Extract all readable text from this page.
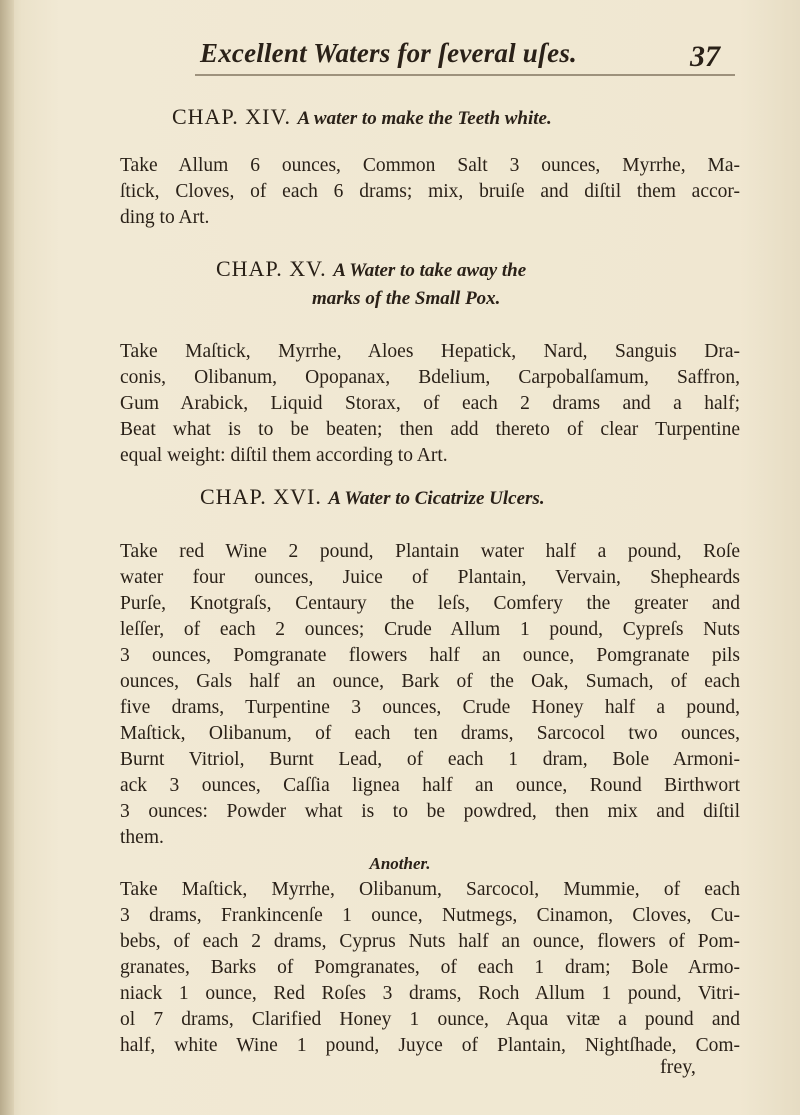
Excellent Waters for ſeveral uſes.	37
CHAP. XIV. A water to make the Teeth white.
Take Allum 6 ounces, Common Salt 3 ounces, Myrrhe, Ma-
ſtick, Cloves, of each 6 drams; mix, bruiſe and diſtil them accor-
ding to Art.
CHAP. XV. A Water to take away the
marks of the Small Pox.
Take Maſtick, Myrrhe, Aloes Hepatick, Nard, Sanguis Dra-
conis, Olibanum, Opopanax, Bdelium, Carpobalſamum, Saffron,
Gum Arabick, Liquid Storax, of each 2 drams and a half;
Beat what is to be beaten; then add thereto of clear Turpentine
equal weight: diſtil them according to Art.
CHAP. XVI. A Water to Cicatrize Ulcers.
Take red Wine 2 pound, Plantain water half a pound, Roſe
water four ounces, Juice of Plantain, Vervain, Shepheards
Purſe, Knotgraſs, Centaury the leſs, Comfery the greater and
leſſer, of each 2 ounces; Crude Allum 1 pound, Cypreſs Nuts
3 ounces, Pomgranate flowers half an ounce, Pomgranate pils
ounces, Gals half an ounce, Bark of the Oak, Sumach, of each
five drams, Turpentine 3 ounces, Crude Honey half a pound,
Maſtick, Olibanum, of each ten drams, Sarcocol two ounces,
Burnt Vitriol, Burnt Lead, of each 1 dram, Bole Armoni-
ack 3 ounces, Caſſia lignea half an ounce, Round Birthwort
3 ounces: Powder what is to be powdred, then mix and diſtil
them.
Another.
Take Maſtick, Myrrhe, Olibanum, Sarcocol, Mummie, of each
3 drams, Frankincenſe 1 ounce, Nutmegs, Cinamon, Cloves, Cu-
bebs, of each 2 drams, Cyprus Nuts half an ounce, flowers of Pom-
granates, Barks of Pomgranates, of each 1 dram; Bole Armo-
niack 1 ounce, Red Roſes 3 drams, Roch Allum 1 pound, Vitri-
ol 7 drams, Clarified Honey 1 ounce, Aqua vitæ a pound and
half, white Wine 1 pound, Juyce of Plantain, Nightſhade, Com-
frey,
